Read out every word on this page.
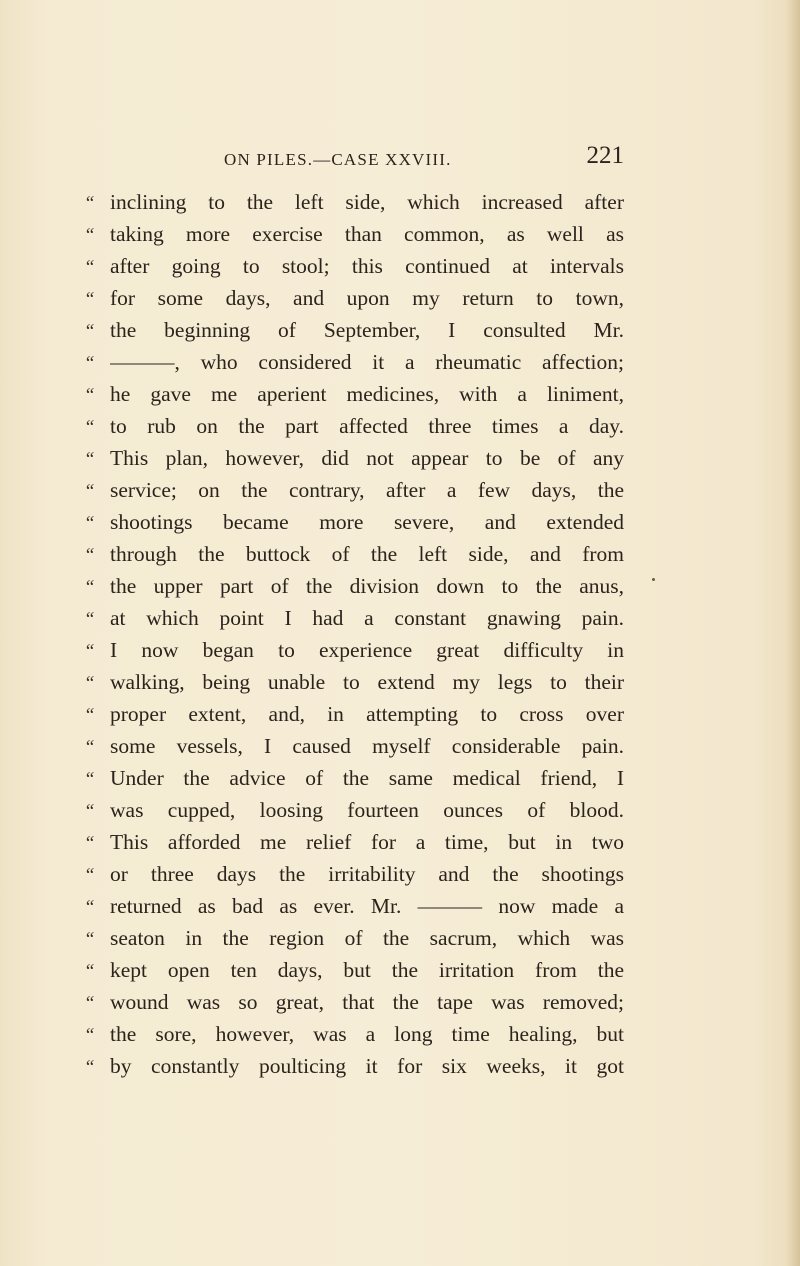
ON PILES.—CASE XXVIII.	221
“ inclining to the left side, which increased after
“ taking more exercise than common, as well as
“ after going to stool; this continued at intervals
“ for some days, and upon my return to town,
“ the beginning of September, I consulted Mr.
“ ———, who considered it a rheumatic affection;
“ he gave me aperient medicines, with a liniment,
“ to rub on the part affected three times a day.
“ This plan, however, did not appear to be of any
“ service; on the contrary, after a few days, the
“ shootings became more severe, and extended
“ through the buttock of the left side, and from
“ the upper part of the division down to the anus,
“ at which point I had a constant gnawing pain.
“ I now began to experience great difficulty in
“ walking, being unable to extend my legs to their
“ proper extent, and, in attempting to cross over
“ some vessels, I caused myself considerable pain.
“ Under the advice of the same medical friend, I
“ was cupped, loosing fourteen ounces of blood.
“ This afforded me relief for a time, but in two
“ or three days the irritability and the shootings
“ returned as bad as ever. Mr. ——— now made a
“ seaton in the region of the sacrum, which was
“ kept open ten days, but the irritation from the
“ wound was so great, that the tape was removed;
“ the sore, however, was a long time healing, but
“ by constantly poulticing it for six weeks, it got
